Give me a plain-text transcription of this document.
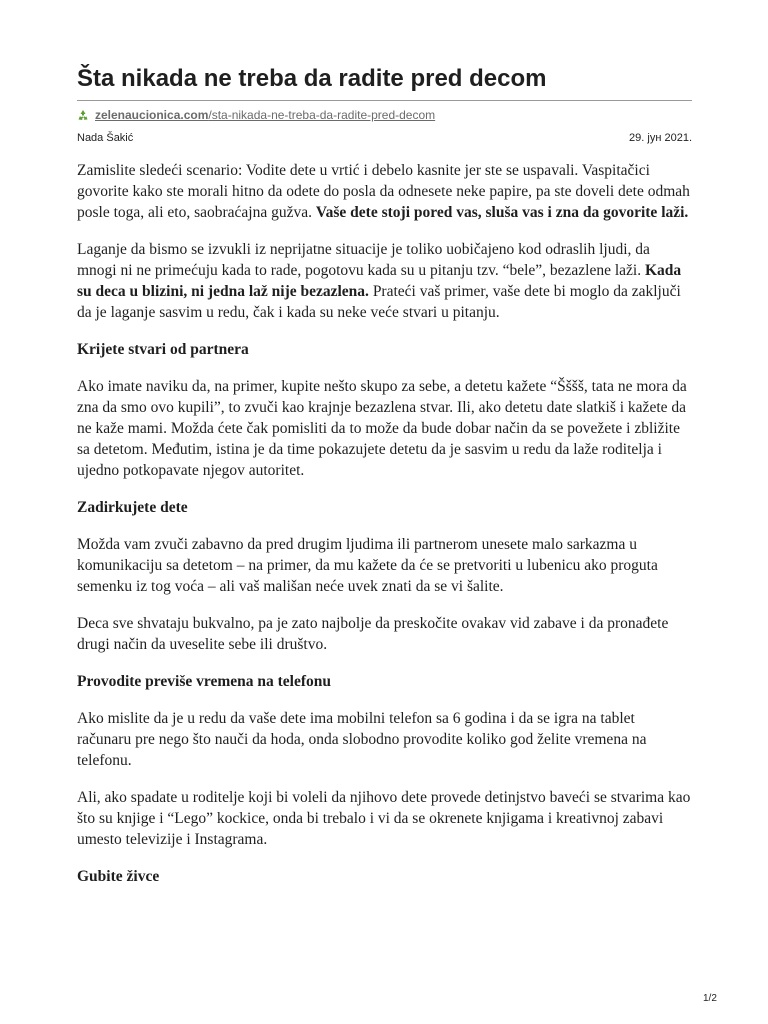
Šta nikada ne treba da radite pred decom
zelenaucionica.com/sta-nikada-ne-treba-da-radite-pred-decom
Nada Šakić	29. јун 2021.

Zamislite sledeći scenario: Vodite dete u vrtić i debelo kasnite jer ste se uspavali. Vaspitačici govorite kako ste morali hitno da odete do posla da odnesete neke papire, pa ste doveli dete odmah posle toga, ali eto, saobraćajna gužva. Vaše dete stoji pored vas, sluša vas i zna da govorite laži.

Laganje da bismo se izvukli iz neprijatne situacije je toliko uobičajeno kod odraslih ljudi, da mnogi ni ne primećuju kada to rade, pogotovu kada su u pitanju tzv. “bele”, bezazlene laži. Kada su deca u blizini, ni jedna laž nije bezazlena. Prateći vaš primer, vaše dete bi moglo da zaključi da je laganje sasvim u redu, čak i kada su neke veće stvari u pitanju.

Krijete stvari od partnera

Ako imate naviku da, na primer, kupite nešto skupo za sebe, a detetu kažete “Šššš, tata ne mora da zna da smo ovo kupili”, to zvuči kao krajnje bezazlena stvar. Ili, ako detetu date slatkiš i kažete da ne kaže mami. Možda ćete čak pomisliti da to može da bude dobar način da se povežete i zbližite sa detetom. Međutim, istina je da time pokazujete detetu da je sasvim u redu da laže roditelja i ujedno potkopavate njegov autoritet.

Zadirkujete dete

Možda vam zvuči zabavno da pred drugim ljudima ili partnerom unesete malo sarkazma u komunikaciju sa detetom – na primer, da mu kažete da će se pretvoriti u lubenicu ako proguta semenku iz tog voća – ali vaš mališan neće uvek znati da se vi šalite.

Deca sve shvataju bukvalno, pa je zato najbolje da preskočite ovakav vid zabave i da pronađete drugi način da uveselite sebe ili društvo.

Provodite previše vremena na telefonu

Ako mislite da je u redu da vaše dete ima mobilni telefon sa 6 godina i da se igra na tablet računaru pre nego što nauči da hoda, onda slobodno provodite koliko god želite vremena na telefonu.

Ali, ako spadate u roditelje koji bi voleli da njihovo dete provede detinjstvo baveći se stvarima kao što su knjige i “Lego” kockice, onda bi trebalo i vi da se okrenete knjigama i kreativnoj zabavi umesto televizije i Instagrama.

Gubite živce
1/2
